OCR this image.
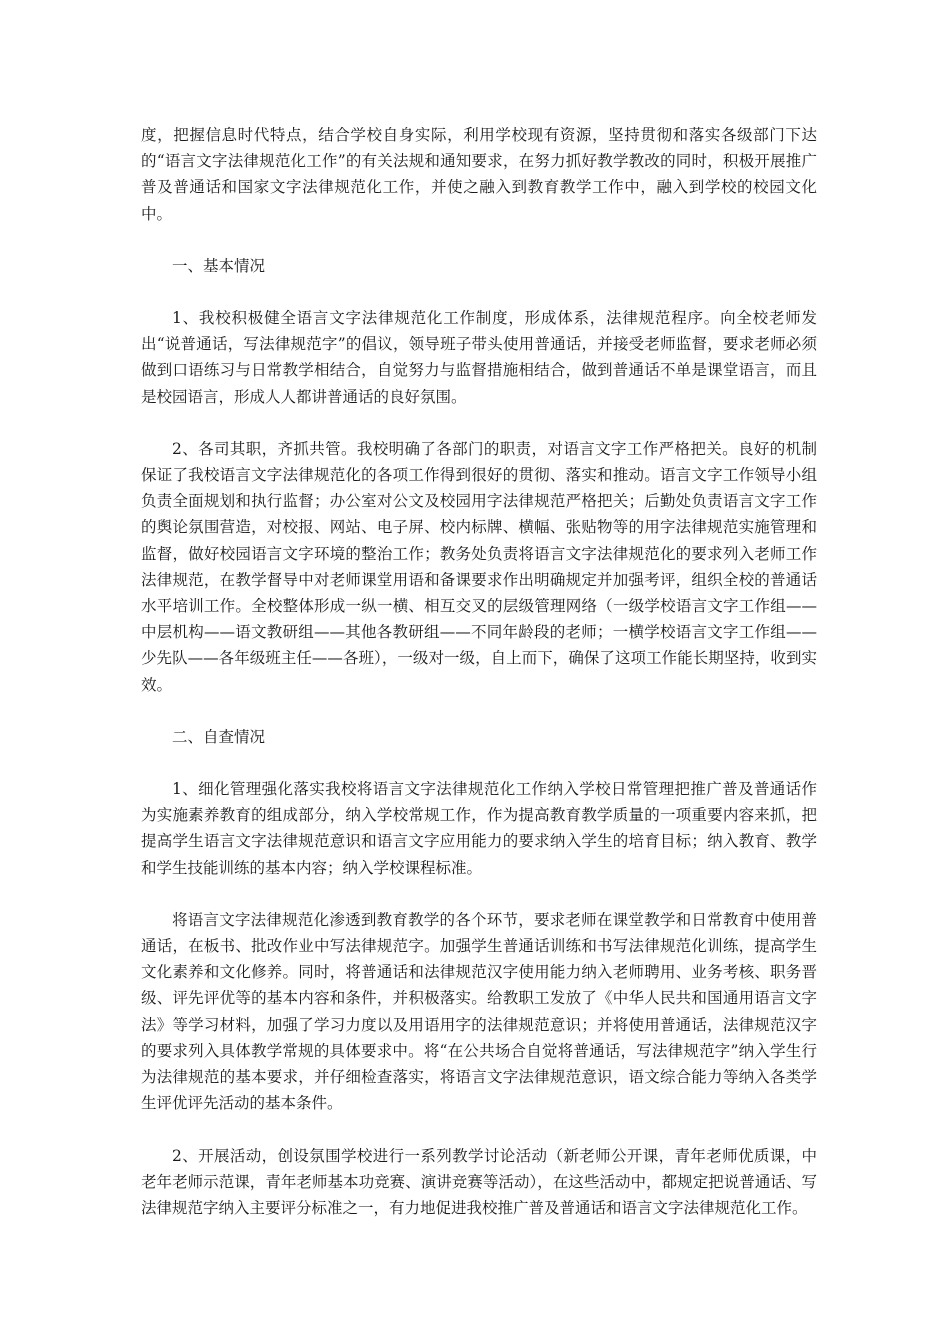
度，把握信息时代特点，结合学校自身实际，利用学校现有资源，坚持贯彻和落实各级部门下达的“语言文字法律规范化工作”的有关法规和通知要求，在努力抓好教学教改的同时，积极开展推广普及普通话和国家文字法律规范化工作，并使之融入到教育教学工作中，融入到学校的校园文化中。

一、基本情况

1、我校积极健全语言文字法律规范化工作制度，形成体系，法律规范程序。向全校老师发出“说普通话，写法律规范字”的倡议，领导班子带头使用普通话，并接受老师监督，要求老师必须做到口语练习与日常教学相结合，自觉努力与监督措施相结合，做到普通话不单是课堂语言，而且是校园语言，形成人人都讲普通话的良好氛围。

2、各司其职，齐抓共管。我校明确了各部门的职责，对语言文字工作严格把关。良好的机制保证了我校语言文字法律规范化的各项工作得到很好的贯彻、落实和推动。语言文字工作领导小组负责全面规划和执行监督；办公室对公文及校园用字法律规范严格把关；后勤处负责语言文字工作的舆论氛围营造，对校报、网站、电子屏、校内标牌、横幅、张贴物等的用字法律规范实施管理和监督，做好校园语言文字环境的整治工作；教务处负责将语言文字法律规范化的要求列入老师工作法律规范，在教学督导中对老师课堂用语和备课要求作出明确规定并加强考评，组织全校的普通话水平培训工作。全校整体形成一纵一横、相互交叉的层级管理网络（一级学校语言文字工作组——中层机构——语文教研组——其他各教研组——不同年龄段的老师；一横学校语言文字工作组——少先队——各年级班主任——各班），一级对一级，自上而下，确保了这项工作能长期坚持，收到实效。

二、自查情况

1、细化管理强化落实我校将语言文字法律规范化工作纳入学校日常管理把推广普及普通话作为实施素养教育的组成部分，纳入学校常规工作，作为提高教育教学质量的一项重要内容来抓，把提高学生语言文字法律规范意识和语言文字应用能力的要求纳入学生的培育目标；纳入教育、教学和学生技能训练的基本内容；纳入学校课程标准。

将语言文字法律规范化渗透到教育教学的各个环节，要求老师在课堂教学和日常教育中使用普通话，在板书、批改作业中写法律规范字。加强学生普通话训练和书写法律规范化训练，提高学生文化素养和文化修养。同时，将普通话和法律规范汉字使用能力纳入老师聘用、业务考核、职务晋级、评先评优等的基本内容和条件，并积极落实。给教职工发放了《中华人民共和国通用语言文字法》等学习材料，加强了学习力度以及用语用字的法律规范意识；并将使用普通话，法律规范汉字的要求列入具体教学常规的具体要求中。将“在公共场合自觉将普通话，写法律规范字”纳入学生行为法律规范的基本要求，并仔细检查落实，将语言文字法律规范意识，语文综合能力等纳入各类学生评优评先活动的基本条件。

2、开展活动，创设氛围学校进行一系列教学讨论活动（新老师公开课，青年老师优质课，中老年老师示范课，青年老师基本功竞赛、演讲竞赛等活动），在这些活动中，都规定把说普通话、写法律规范字纳入主要评分标准之一，有力地促进我校推广普及普通话和语言文字法律规范化工作。
